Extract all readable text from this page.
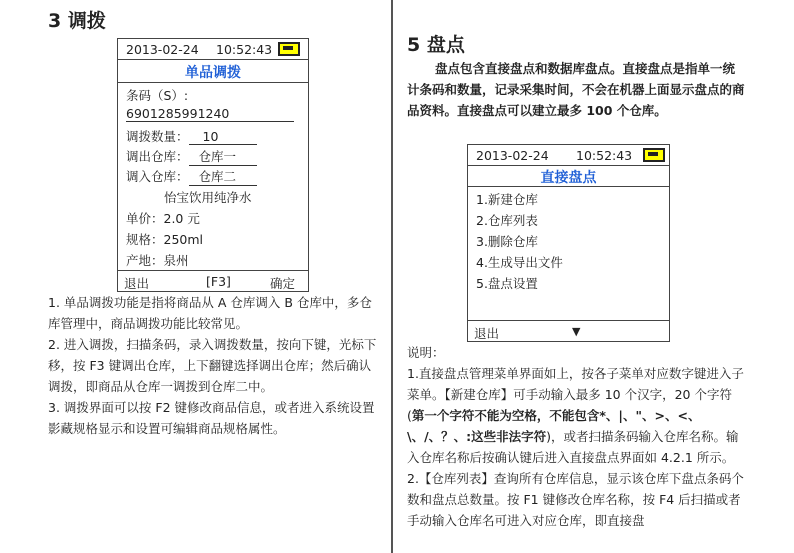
3 调拨
2013-02-24 10:52:43
单品调拨
条码（S）:
6901285991240
调拨数量： 10
调出仓库： 仓库一
调入仓库： 仓库二
怡宝饮用纯净水
单价：2.0 元
规格：250ml
产地：泉州
退出	[F3]	确定

1. 单品调拨功能是指将商品从 A 仓库调入 B 仓库中，多仓库管理中，商品调拨功能比较常见。

2. 进入调拨，扫描条码，录入调拨数量，按向下键，光标下移，按 F3 键调出仓库，上下翻键选择调出仓库；然后确认调拨，即商品从仓库一调拨到仓库二中。

3. 调拨界面可以按 F2 键修改商品信息，或者进入系统设置影藏规格显示和设置可编辑商品规格属性。

5 盘点
盘点包含直接盘点和数据库盘点。直接盘点是指单一统计条码和数量，记录采集时间，不会在机器上面显示盘点的商品资料。直接盘点可以建立最多 100 个仓库。
2013-02-24 10:52:43
直接盘点
1.新建仓库
2.仓库列表
3.删除仓库
4.生成导出文件
5.盘点设置
退出	▼

说明：

1.直接盘点管理菜单界面如上，按各子菜单对应数字键进入子菜单。【新建仓库】可手动输入最多 10 个汉字，20 个字符(第一个字符不能为空格，不能包含*、|、"、>、<、\、/、？、:这些非法字符)，或者扫描条码输入仓库名称。输入仓库名称后按确认键后进入直接盘点界面如 4.2.1 所示。

2.【仓库列表】查询所有仓库信息，显示该仓库下盘点条码个数和盘点总数量。按 F1 键修改仓库名称，按 F4 后扫描或者手动输入仓库名可进入对应仓库，即直接盘
